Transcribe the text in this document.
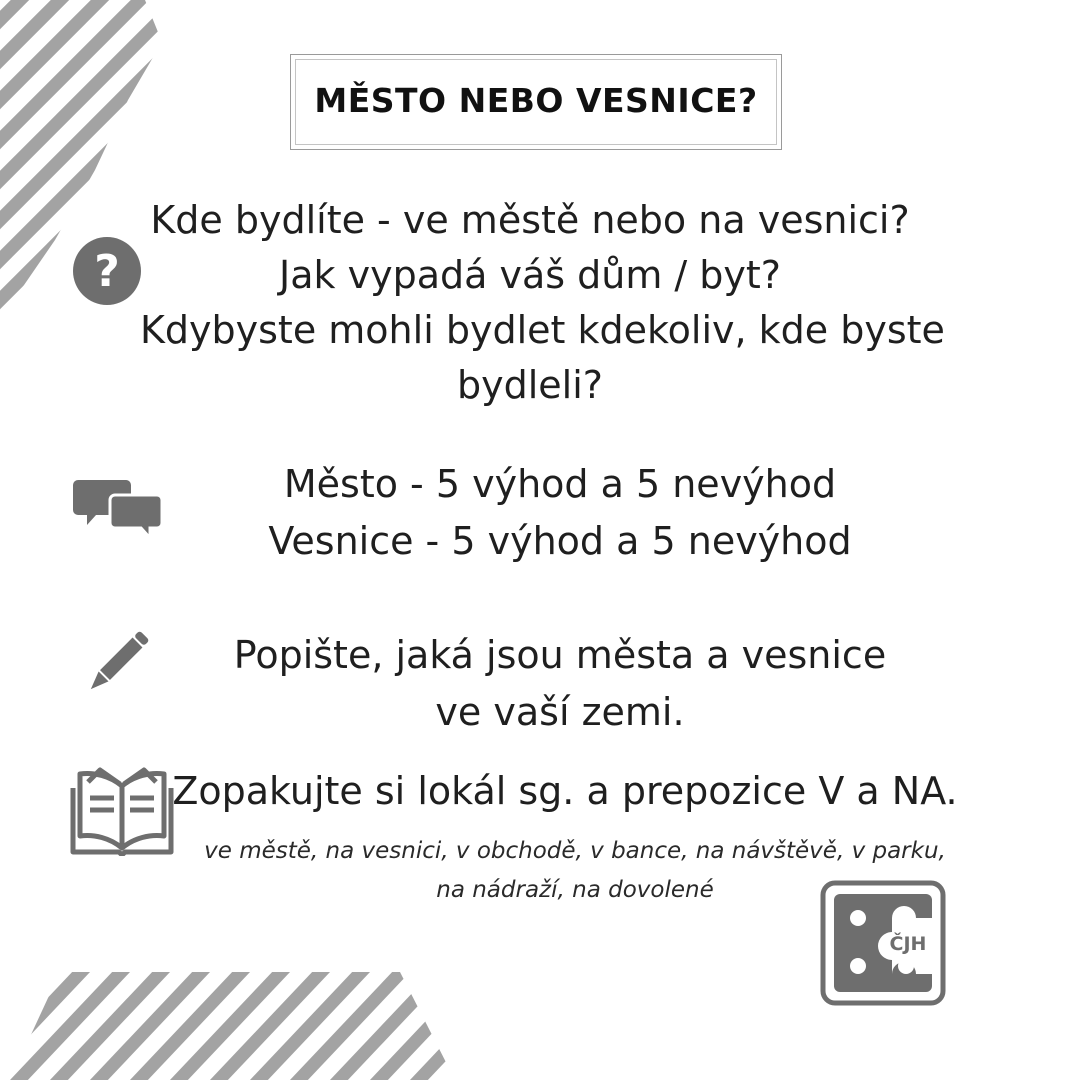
MĚSTO NEBO VESNICE?
?
Kde bydlíte - ve městě nebo na vesnici?
Jak vypadá váš dům / byt?
Kdybyste mohli bydlet kdekoliv, kde byste
bydleli?
Město - 5 výhod a 5 nevýhod
Vesnice - 5 výhod a 5 nevýhod
Popište, jaká jsou města a vesnice
ve vaší zemi.
Zopakujte si lokál sg. a prepozice V a NA.
ve městě, na vesnici, v obchodě, v bance, na návštěvě, v parku,
na nádraží, na dovolené
ČJH
